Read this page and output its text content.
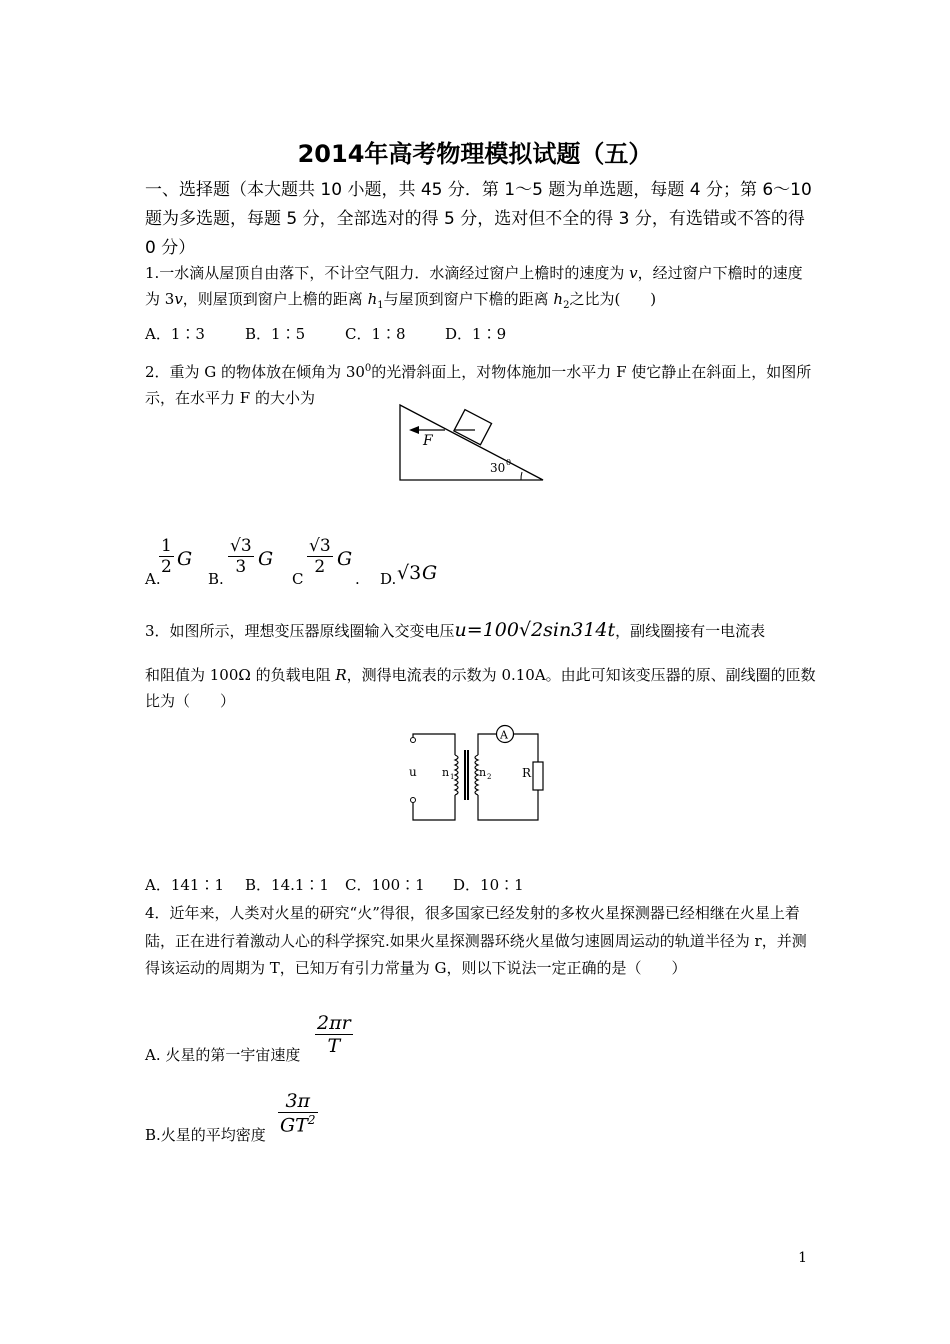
2014年高考物理模拟试题（五）
一、选择题（本大题共 10 小题，共 45 分．第 1～5 题为单选题，每题 4 分；第 6～10 题为多选题，每题 5 分，全部选对的得 5 分，选对但不全的得 3 分，有选错或不答的得 0 分）
1.一水滴从屋顶自由落下，不计空气阻力．水滴经过窗户上檐时的速度为 v，经过窗户下檐时的速度为 3v，则屋顶到窗户上檐的距离 $h_1$与屋顶到窗户下檐的距离 $h_2$之比为(　　)
A．1∶3	B．1∶5	C．1∶8	D．1∶9
2．重为 G 的物体放在倾角为 $30^0$的光滑斜面上，对物体施加一水平力 F 使它静止在斜面上，如图所示，在水平力 F 的大小为
F
30 0
A.
$\frac{1}{2}$ G
B.
$\frac{√3}{3}$ G
C
$\frac{√3}{2}$ G
. D. √3 G
3．如图所示，理想变压器原线圈输入交变电压u=100√2sin314t，副线圈接有一电流表
和阻值为 100Ω 的负载电阻 R，测得电流表的示数为 0.10A。由此可知该变压器的原、副线圈的匝数比为（　　）
A
u n 1 n 2	R
A．141∶1 B．14.1∶1 C．100∶1 D．10∶1
4．近年来，人类对火星的研究“火”得很，很多国家已经发射的多枚火星探测器已经相继在火星上着陆，正在进行着激动人心的科学探究.如果火星探测器环绕火星做匀速圆周运动的轨道半径为 r，并测得该运动的周期为 T，已知万有引力常量为 G，则以下说法一定正确的是（　　）
A. 火星的第一宇宙速度 $\frac{2\pi r}{T}$
B.火星的平均密度 $\frac{3\pi}{GT^2}$
1
